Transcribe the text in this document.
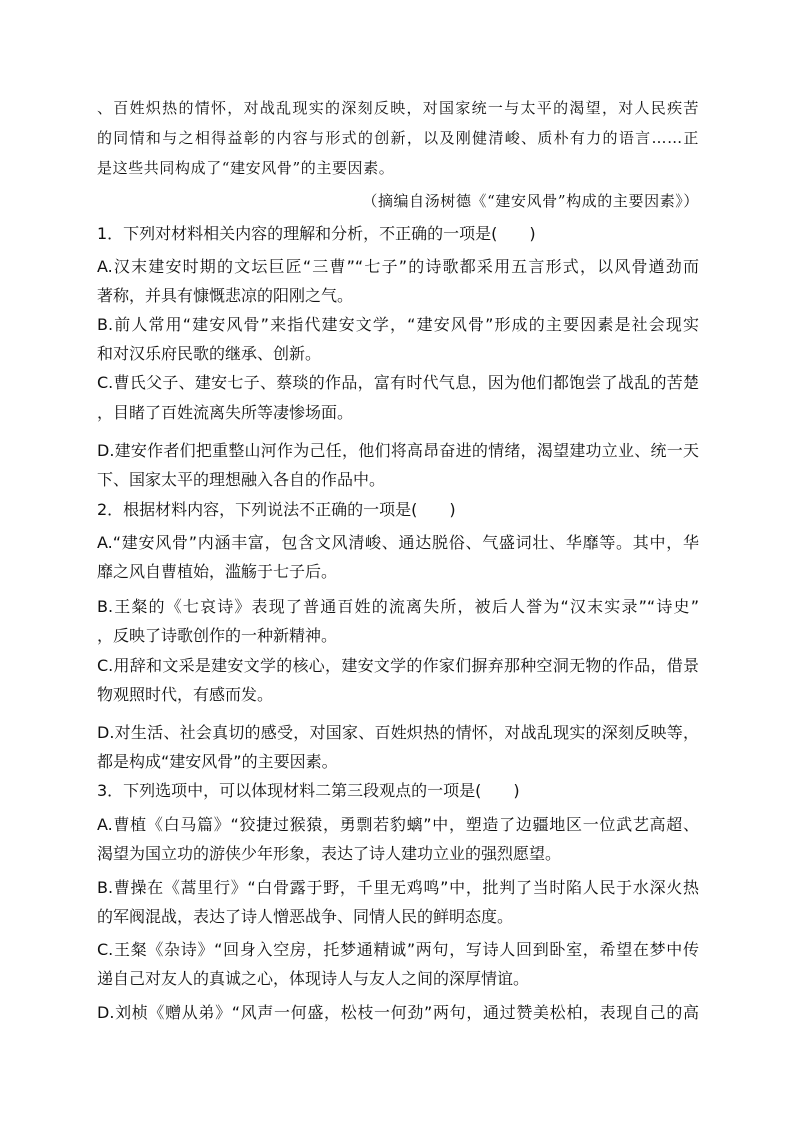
、百姓炽热的情怀，对战乱现实的深刻反映，对国家统一与太平的渴望，对人民疾苦
的同情和与之相得益彰的内容与形式的创新，以及刚健清峻、质朴有力的语言……正
是这些共同构成了“建安风骨”的主要因素。
（摘编自汤树德《“建安风骨”构成的主要因素》）
1．下列对材料相关内容的理解和分析，不正确的一项是(　　)
A.汉末建安时期的文坛巨匠“三曹”“七子”的诗歌都采用五言形式，以风骨遒劲而
著称，并具有慷慨悲凉的阳刚之气。
B.前人常用“建安风骨”来指代建安文学，“建安风骨”形成的主要因素是社会现实
和对汉乐府民歌的继承、创新。
C.曹氏父子、建安七子、蔡琰的作品，富有时代气息，因为他们都饱尝了战乱的苦楚
，目睹了百姓流离失所等凄惨场面。
D.建安作者们把重整山河作为己任，他们将高昂奋进的情绪，渴望建功立业、统一天
下、国家太平的理想融入各自的作品中。
2．根据材料内容，下列说法不正确的一项是(　　)
A.“建安风骨”内涵丰富，包含文风清峻、通达脱俗、气盛词壮、华靡等。其中，华
靡之风自曹植始，滥觞于七子后。
B.王粲的《七哀诗》表现了普通百姓的流离失所，被后人誉为“汉末实录”“诗史”
，反映了诗歌创作的一种新精神。
C.用辞和文采是建安文学的核心，建安文学的作家们摒弃那种空洞无物的作品，借景
物观照时代，有感而发。
D.对生活、社会真切的感受，对国家、百姓炽热的情怀，对战乱现实的深刻反映等，
都是构成“建安风骨”的主要因素。
3．下列选项中，可以体现材料二第三段观点的一项是(　　)
A.曹植《白马篇》“狡捷过猴猿，勇剽若豹螭”中，塑造了边疆地区一位武艺高超、
渴望为国立功的游侠少年形象，表达了诗人建功立业的强烈愿望。
B.曹操在《蒿里行》“白骨露于野，千里无鸡鸣”中，批判了当时陷人民于水深火热
的军阀混战，表达了诗人憎恶战争、同情人民的鲜明态度。
C.王粲《杂诗》“回身入空房，托梦通精诚”两句，写诗人回到卧室，希望在梦中传
递自己对友人的真诚之心，体现诗人与友人之间的深厚情谊。
D.刘桢《赠从弟》“风声一何盛，松枝一何劲”两句，通过赞美松柏，表现自己的高
